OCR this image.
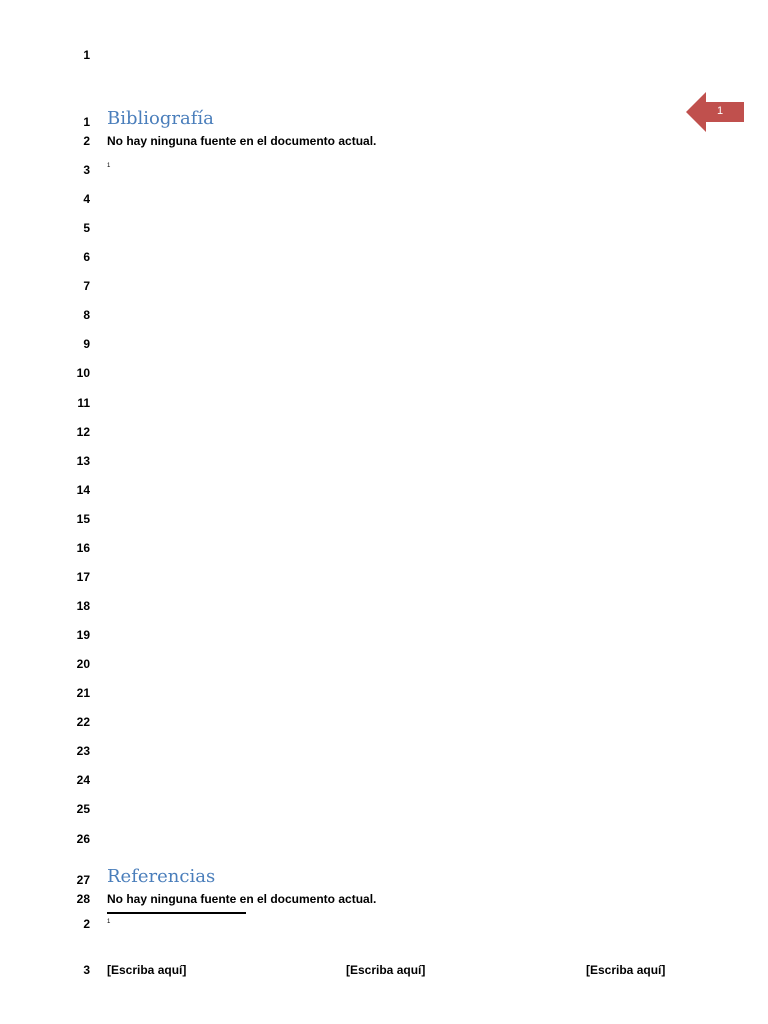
1
1
1 Bibliografía
2 No hay ninguna fuente en el documento actual.
3	1
4
5
6
7
8
9
10
11
12
13
14
15
16
17
18
19
20
21
22
23
24
25
26
27 Referencias
28 No hay ninguna fuente en el documento actual.
2	1
3 [Escriba aquí]	[Escriba aquí]	[Escriba aquí]
